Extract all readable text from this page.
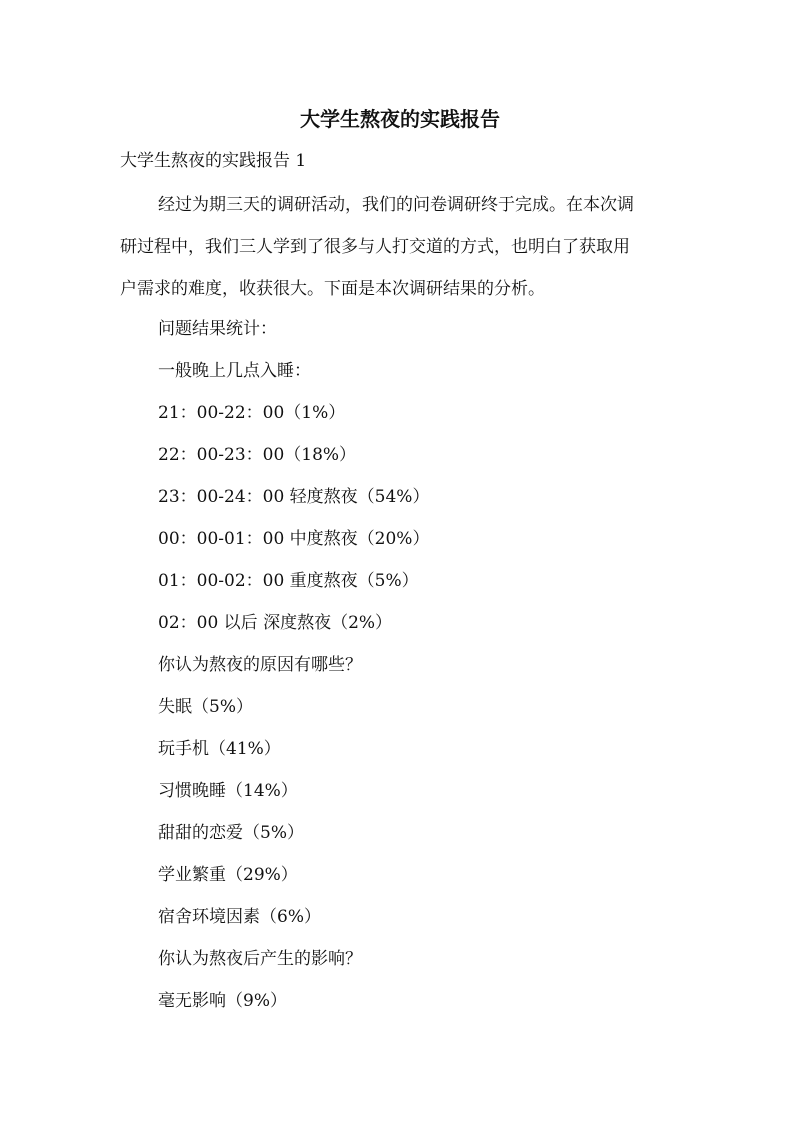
大学生熬夜的实践报告

大学生熬夜的实践报告 1

经过为期三天的调研活动，我们的问卷调研终于完成。在本次调
研过程中，我们三人学到了很多与人打交道的方式，也明白了获取用
户需求的难度，收获很大。下面是本次调研结果的分析。

问题结果统计：

一般晚上几点入睡：

21：00-22：00（1%）

22：00-23：00（18%）

23：00-24：00 轻度熬夜（54%）

00：00-01：00 中度熬夜（20%）

01：00-02：00 重度熬夜（5%）

02：00 以后 深度熬夜（2%）

你认为熬夜的原因有哪些？

失眠（5%）

玩手机（41%）

习惯晚睡（14%）

甜甜的恋爱（5%）

学业繁重（29%）

宿舍环境因素（6%）

你认为熬夜后产生的影响？

毫无影响（9%）
